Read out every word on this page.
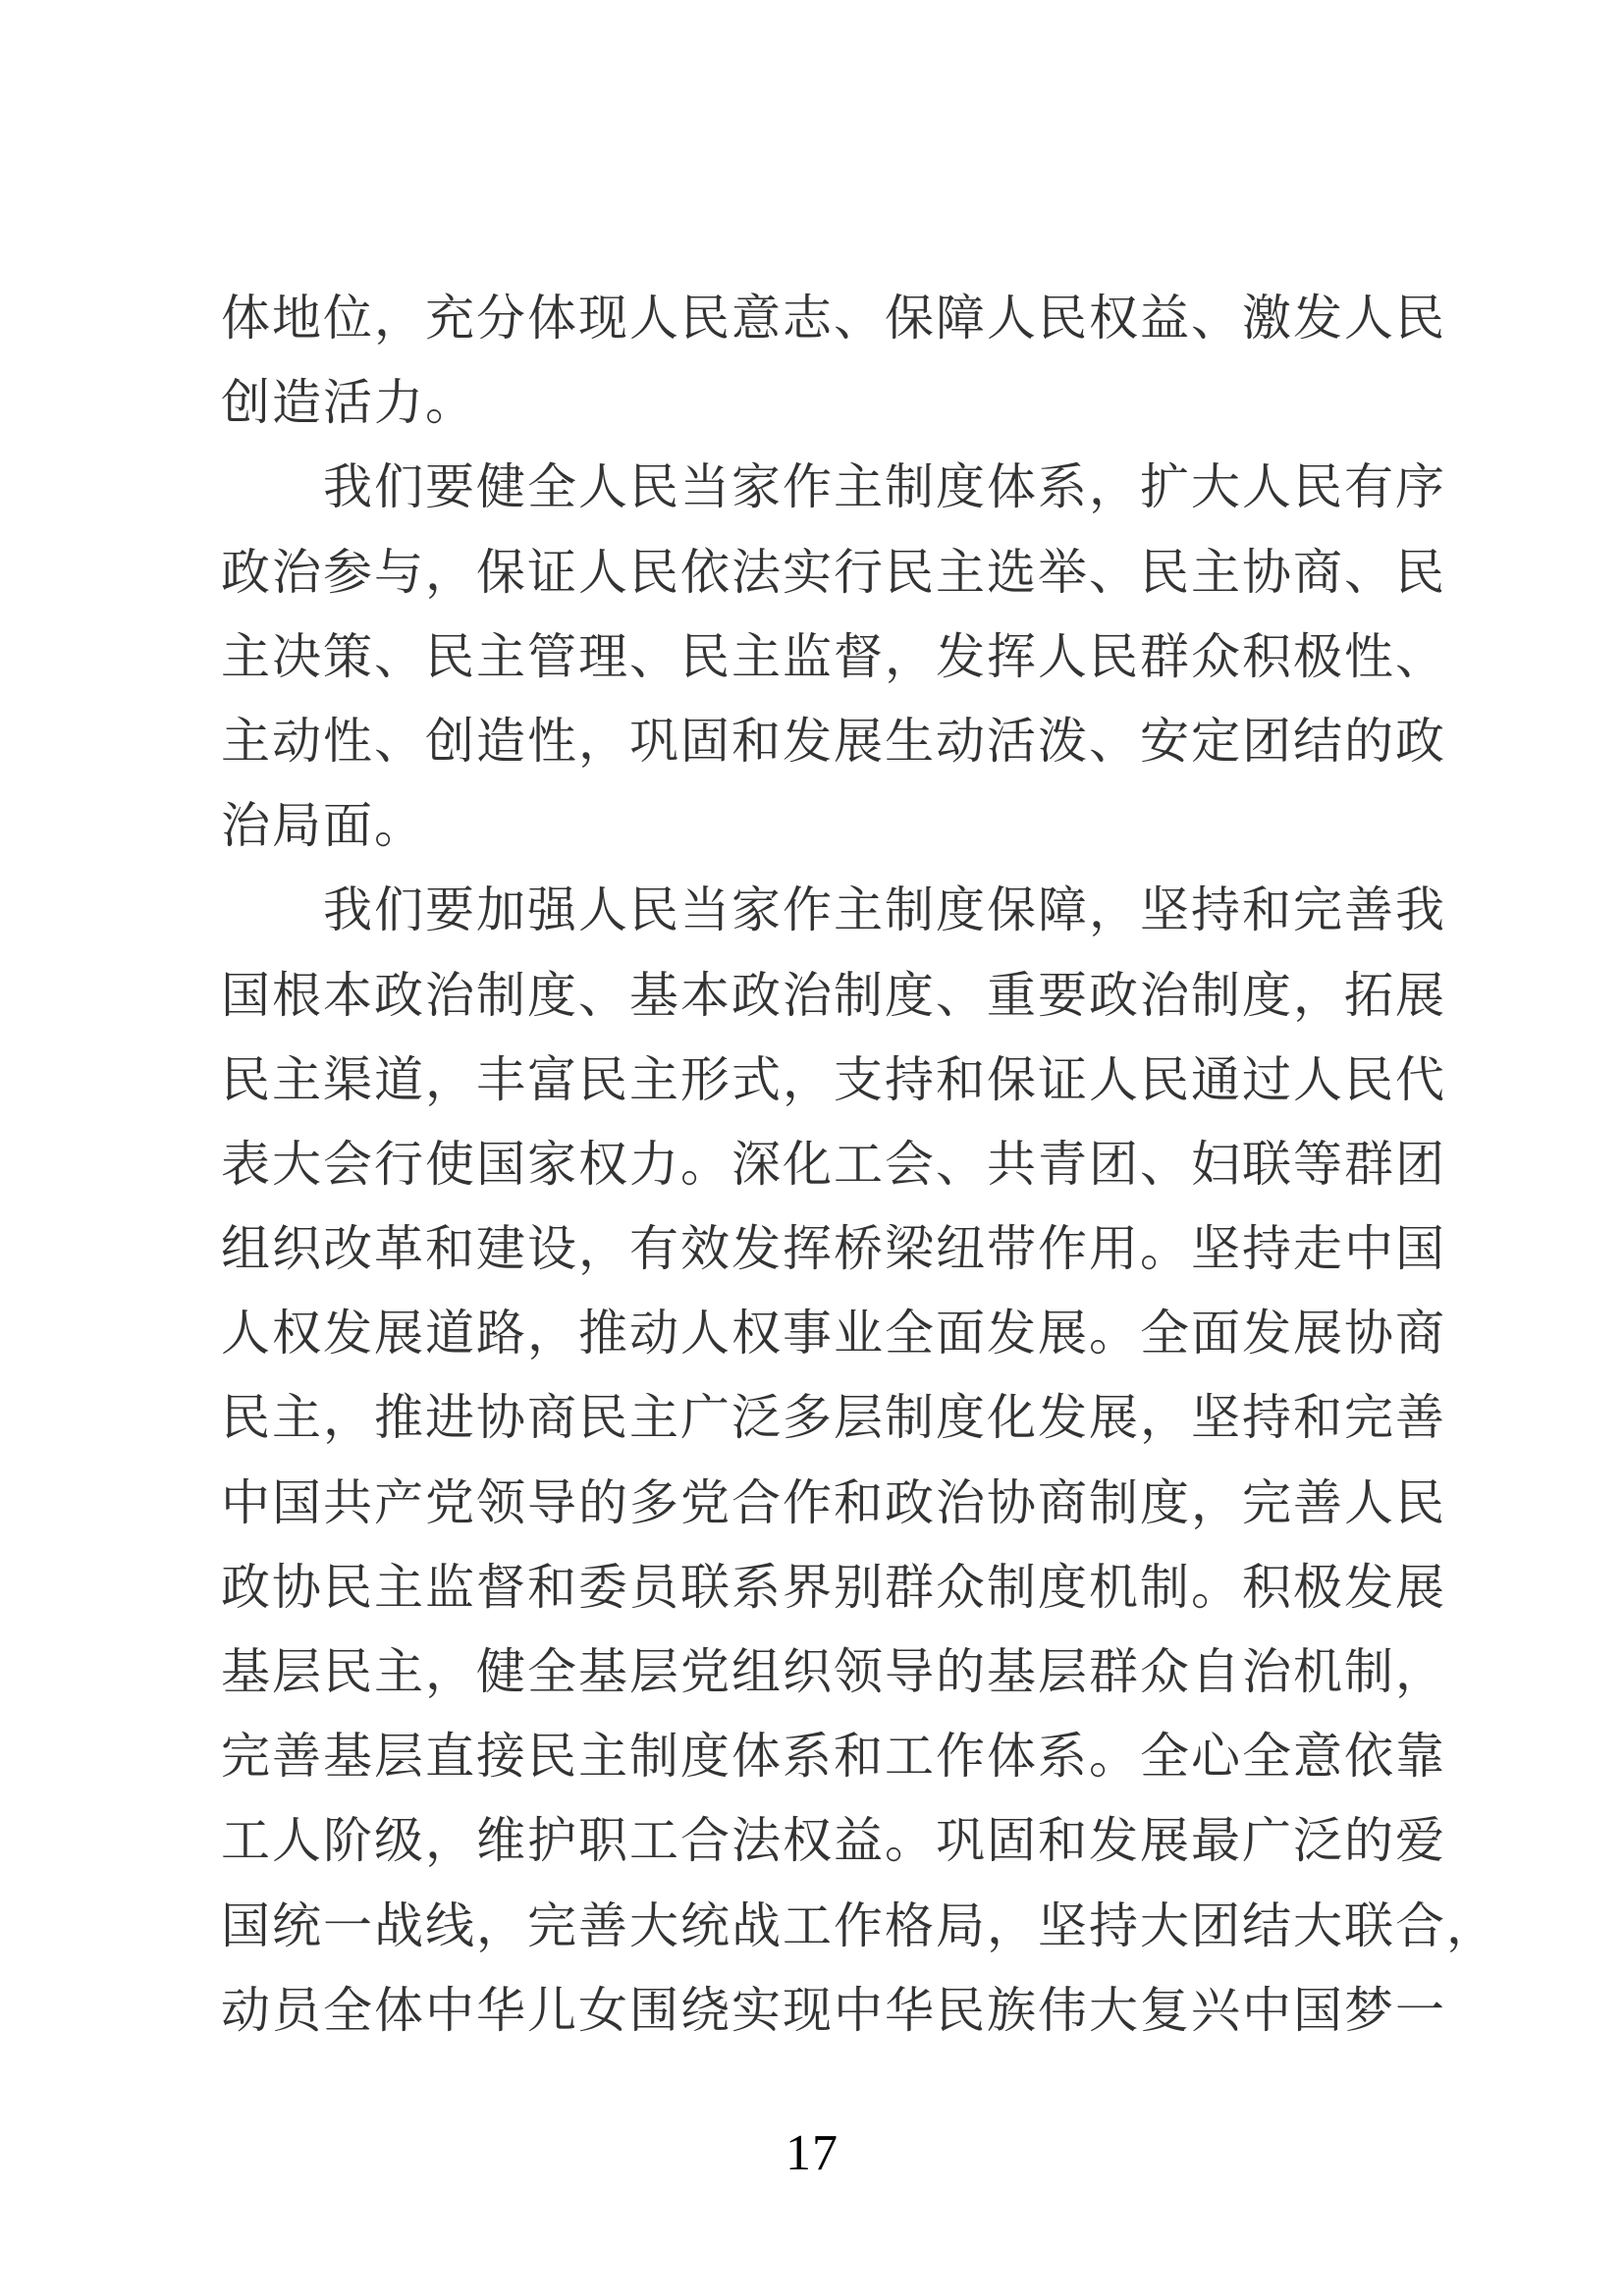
体地位，充分体现人民意志、保障人民权益、激发人民
创造活力。
我们要健全人民当家作主制度体系，扩大人民有序
政治参与，保证人民依法实行民主选举、民主协商、民
主决策、民主管理、民主监督，发挥人民群众积极性、
主动性、创造性，巩固和发展生动活泼、安定团结的政
治局面。
我们要加强人民当家作主制度保障，坚持和完善我
国根本政治制度、基本政治制度、重要政治制度，拓展
民主渠道，丰富民主形式，支持和保证人民通过人民代
表大会行使国家权力。深化工会、共青团、妇联等群团
组织改革和建设，有效发挥桥梁纽带作用。坚持走中国
人权发展道路，推动人权事业全面发展。全面发展协商
民主，推进协商民主广泛多层制度化发展，坚持和完善
中国共产党领导的多党合作和政治协商制度，完善人民
政协民主监督和委员联系界别群众制度机制。积极发展
基层民主，健全基层党组织领导的基层群众自治机制，
完善基层直接民主制度体系和工作体系。全心全意依靠
工人阶级，维护职工合法权益。巩固和发展最广泛的爱
国统一战线，完善大统战工作格局，坚持大团结大联合，
动员全体中华儿女围绕实现中华民族伟大复兴中国梦一
17
